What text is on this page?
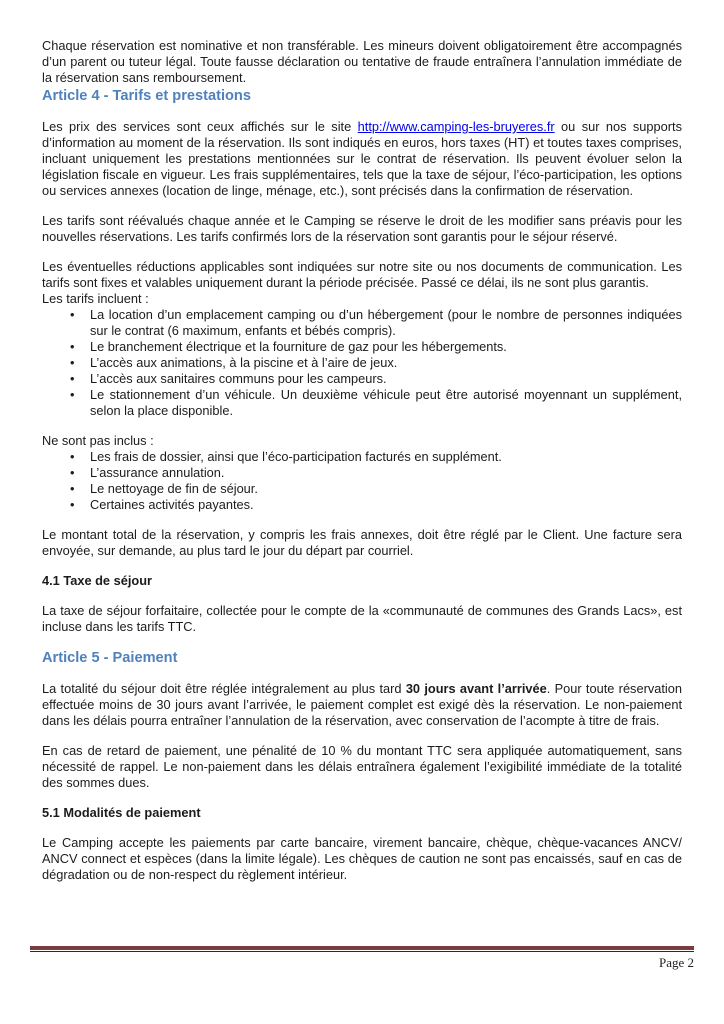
Chaque réservation est nominative et non transférable. Les mineurs doivent obligatoirement être accompagnés d’un parent ou tuteur légal. Toute fausse déclaration ou tentative de fraude entraînera l’annulation immédiate de la réservation sans remboursement.

Article 4 - Tarifs et prestations

Les prix des services sont ceux affichés sur le site http://www.camping-les-bruyeres.fr ou sur nos supports d’information au moment de la réservation. Ils sont indiqués en euros, hors taxes (HT) et toutes taxes comprises, incluant uniquement les prestations mentionnées sur le contrat de réservation. Ils peuvent évoluer selon la législation fiscale en vigueur. Les frais supplémentaires, tels que la taxe de séjour, l’éco-participation, les options ou services annexes (location de linge, ménage, etc.), sont précisés dans la confirmation de réservation.

Les tarifs sont réévalués chaque année et le Camping se réserve le droit de les modifier sans préavis pour les nouvelles réservations. Les tarifs confirmés lors de la réservation sont garantis pour le séjour réservé.

Les éventuelles réductions applicables sont indiquées sur notre site ou nos documents de communication. Les tarifs sont fixes et valables uniquement durant la période précisée. Passé ce délai, ils ne sont plus garantis.

Les tarifs incluent :

• La location d’un emplacement camping ou d’un hébergement (pour le nombre de personnes indiquées sur le contrat (6 maximum, enfants et bébés compris).
• Le branchement électrique et la fourniture de gaz pour les hébergements.
• L’accès aux animations, à la piscine et à l’aire de jeux.
• L’accès aux sanitaires communs pour les campeurs.
• Le stationnement d’un véhicule. Un deuxième véhicule peut être autorisé moyennant un supplément, selon la place disponible.

Ne sont pas inclus :

• Les frais de dossier, ainsi que l’éco-participation facturés en supplément.
• L’assurance annulation.
• Le nettoyage de fin de séjour.
• Certaines activités payantes.

Le montant total de la réservation, y compris les frais annexes, doit être réglé par le Client. Une facture sera envoyée, sur demande, au plus tard le jour du départ par courriel.

4.1 Taxe de séjour

La taxe de séjour forfaitaire, collectée pour le compte de la «communauté de communes des Grands Lacs», est incluse dans les tarifs TTC.

Article 5 - Paiement

La totalité du séjour doit être réglée intégralement au plus tard 30 jours avant l’arrivée. Pour toute réservation effectuée moins de 30 jours avant l’arrivée, le paiement complet est exigé dès la réservation. Le non-paiement dans les délais pourra entraîner l’annulation de la réservation, avec conservation de l’acompte à titre de frais.

En cas de retard de paiement, une pénalité de 10 % du montant TTC sera appliquée automatiquement, sans nécessité de rappel. Le non-paiement dans les délais entraînera également l’exigibilité immédiate de la totalité des sommes dues.

5.1 Modalités de paiement

Le Camping accepte les paiements par carte bancaire, virement bancaire, chèque, chèque-vacances ANCV/ ANCV connect et espèces (dans la limite légale). Les chèques de caution ne sont pas encaissés, sauf en cas de dégradation ou de non-respect du règlement intérieur.

Page 2
